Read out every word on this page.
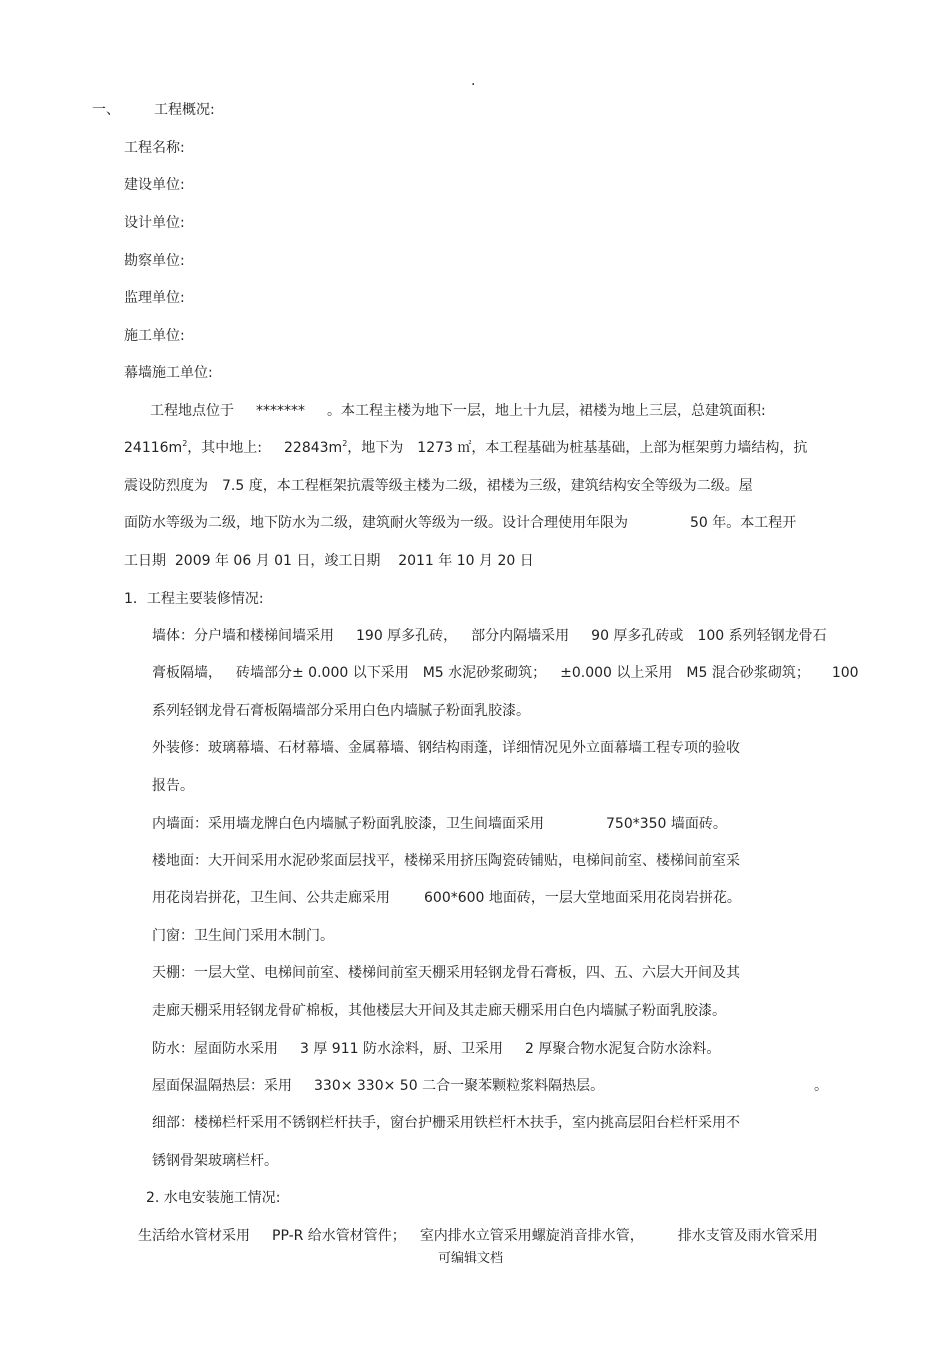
.
一、 工程概况:
工程名称:
建设单位:
设计单位:
勘察单位:
监理单位:
施工单位:
幕墙施工单位:
工程地点位于 ******* 。本工程主楼为地下一层，地上十九层，裙楼为地上三层，总建筑面积:
$24116m^2$，其中地上: $22843m^2$，地下为 1273 ㎡，本工程基础为桩基基础，上部为框架剪力墙结构，抗
震设防烈度为 7.5 度，本工程框架抗震等级主楼为二级，裙楼为三级，建筑结构安全等级为二级。屋
面防水等级为二级，地下防水为二级，建筑耐火等级为一级。设计合理使用年限为	50 年。本工程开
工日期  2009 年 06 月 01 日，竣工日期    2011 年 10 月 20 日
1．工程主要装修情况:
墙体：分户墙和楼梯间墙采用 190 厚多孔砖， 部分内隔墙采用 90 厚多孔砖或 100 系列轻钢龙骨石
膏板隔墙， 砖墙部分± 0.000 以下采用 M5 水泥砂浆砌筑； ±0.000 以上采用 M5 混合砂浆砌筑； 100
系列轻钢龙骨石膏板隔墙部分采用白色内墙腻子粉面乳胶漆。
外装修：玻璃幕墙、石材幕墙、金属幕墙、钢结构雨蓬，详细情况见外立面幕墙工程专项的验收
报告。
内墙面：采用墙龙牌白色内墙腻子粉面乳胶漆，卫生间墙面采用	750*350 墙面砖。
楼地面：大开间采用水泥砂浆面层找平，楼梯采用挤压陶瓷砖铺贴，电梯间前室、楼梯间前室采
用花岗岩拼花，卫生间、公共走廊采用 600*600 地面砖，一层大堂地面采用花岗岩拼花。
门窗：卫生间门采用木制门。
天棚：一层大堂、电梯间前室、楼梯间前室天棚采用轻钢龙骨石膏板，四、五、六层大开间及其
走廊天棚采用轻钢龙骨矿棉板，其他楼层大开间及其走廊天棚采用白色内墙腻子粉面乳胶漆。
防水：屋面防水采用 3 厚 911 防水涂料，厨、卫采用 2 厚聚合物水泥复合防水涂料。
屋面保温隔热层：采用 330× 330× 50 二合一聚苯颗粒浆料隔热层。	。
细部：楼梯栏杆采用不锈钢栏杆扶手，窗台护栅采用铁栏杆木扶手，室内挑高层阳台栏杆采用不
锈钢骨架玻璃栏杆。
2. 水电安装施工情况:
生活给水管材采用 PP-R 给水管材管件； 室内排水立管采用螺旋消音排水管， 排水支管及雨水管采用
可编辑文档
